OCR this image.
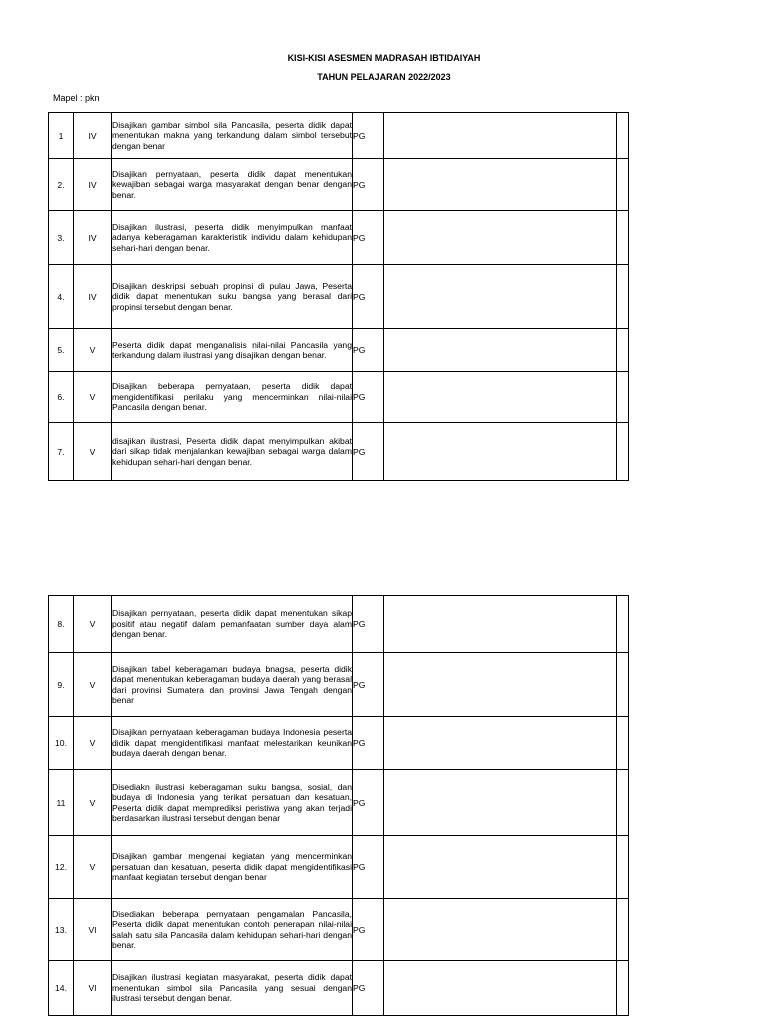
KISI-KISI ASESMEN MADRASAH IBTIDAIYAH
TAHUN PELAJARAN 2022/2023
Mapel : pkn
1	IV	Disajikan gambar simbol sila Pancasila, peserta didik dapat menentukan makna yang terkandung dalam simbol tersebut dengan benar	PG		
2.	IV	Disajikan pernyataan, peserta didik dapat menentukan kewajiban sebagai warga masyarakat dengan benar dengan benar.	PG		
3.	IV	Disajikan ilustrasi, peserta didik menyimpulkan manfaat adanya keberagaman karakteristik individu dalam kehidupan sehari-hari dengan benar.	PG		
4.	IV	Disajikan deskripsi sebuah propinsi di pulau Jawa, Peserta didik dapat menentukan suku bangsa yang berasal dari propinsi tersebut dengan benar.	PG		
5.	V	Peserta didik dapat menganalisis nilai-nilai Pancasila yang terkandung dalam ilustrasi yang disajikan dengan benar.	PG		
6.	V	Disajikan beberapa pernyataan, peserta didik dapat mengidentifikasi perilaku yang mencerminkan nilai-nilai Pancasila dengan benar.	PG		
7.	V	disajikan ilustrasi, Peserta didik dapat menyimpulkan akibat dari sikap tidak menjalankan kewajiban sebagai warga dalam kehidupan sehari-hari dengan benar.	PG		
8.	V	Disajikan pernyataan, peserta didik dapat menentukan sikap positif atau negatif dalam pemanfaatan sumber daya alam dengan benar.	PG		
9.	V	Disajikan tabel keberagaman budaya bnagsa, peserta didik dapat menentukan keberagaman budaya daerah yang berasal dari provinsi Sumatera dan provinsi Jawa Tengah dengan benar	PG		
10.	V	Disajikan pernyataan keberagaman budaya Indonesia peserta didik dapat mengidentifikasi manfaat melestarikan keunikan budaya daerah dengan benar.	PG		
11	V	Disediakn ilustrasi keberagaman suku bangsa, sosial, dan budaya di Indonesia yang terikat persatuan dan kesatuan, Peserta didik dapat memprediksi peristiwa yang akan terjadi berdasarkan ilustrasi tersebut dengan benar	PG		
12.	V	Disajikan gambar mengenai kegiatan yang mencerminkan persatuan dan kesatuan, peserta didik dapat mengidentifikasi manfaat kegiatan tersebut dengan benar	PG		
13.	VI	Disediakan beberapa pernyataan pengamalan Pancasila, Peserta didik dapat menentukan contoh penerapan nilai-nilai salah satu sila Pancasila dalam kehidupan sehari-hari dengan benar.	PG		
14.	VI	Disajikan ilustrasi kegiatan masyarakat, peserta didik dapat menentukan simbol sila Pancasila yang sesuai dengan ilustrasi tersebut dengan benar.	PG		
